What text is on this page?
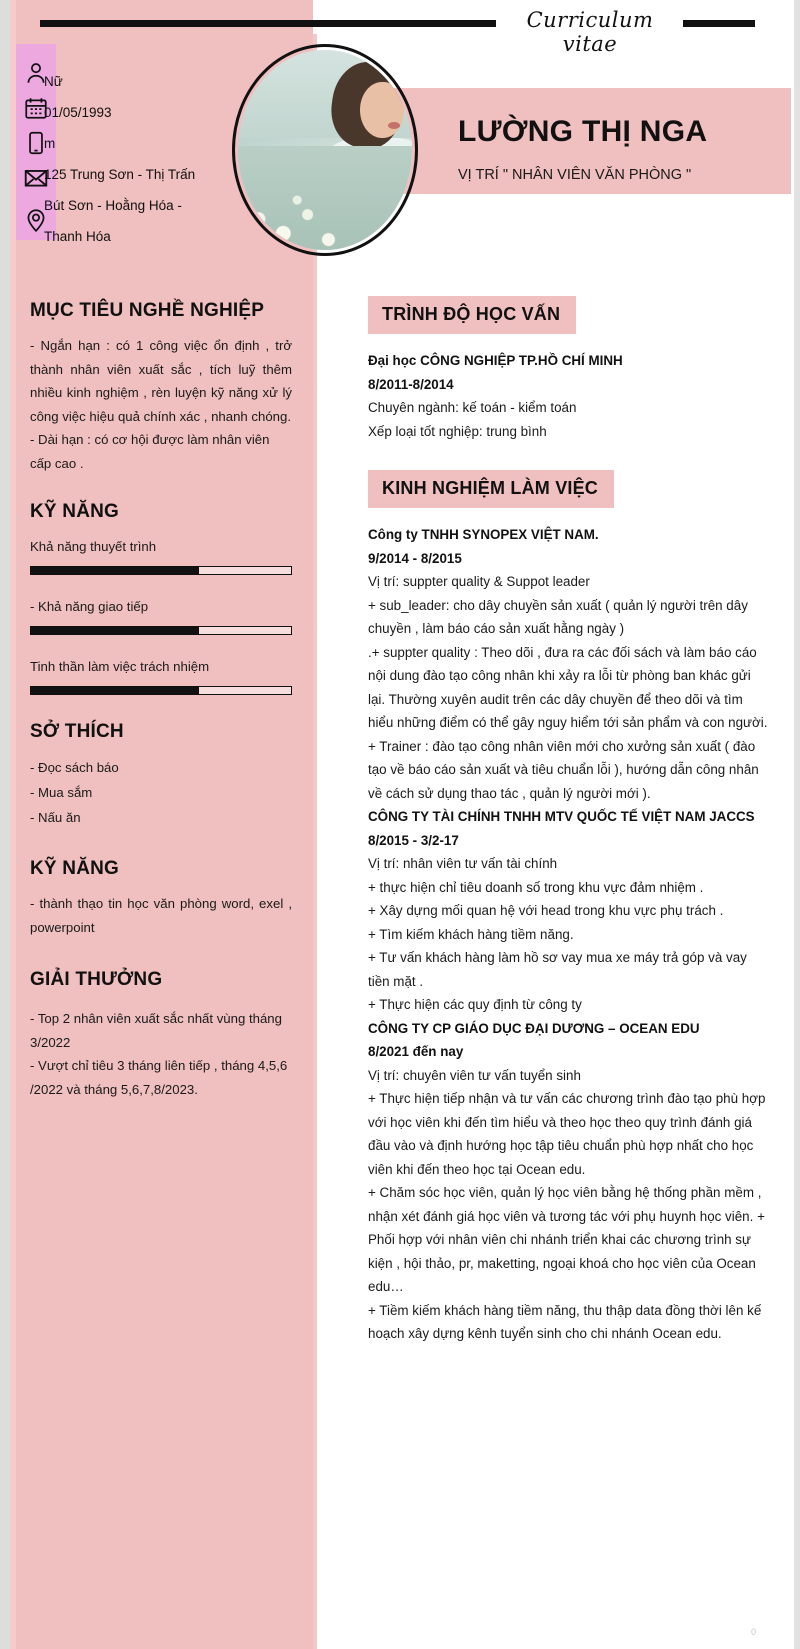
Curriculum vitae
LƯỜNG THỊ NGA
VỊ TRÍ " NHÂN VIÊN VĂN PHÒNG "
Nữ
01/05/1993
m
125 Trung Sơn - Thị Trấn
Bút Sơn - Hoằng Hóa -
Thanh Hóa
MỤC TIÊU NGHỀ NGHIỆP
- Ngắn hạn : có 1 công việc ổn định , trở thành nhân viên xuất sắc , tích luỹ thêm nhiều kinh nghiệm , rèn luyện kỹ năng xử lý công việc hiệu quả chính xác , nhanh chóng.
- Dài hạn : có cơ hội được làm nhân viên cấp cao .
KỸ NĂNG
Khả năng thuyết trình
- Khả năng giao tiếp
Tinh thần làm việc trách nhiệm
SỞ THÍCH
- Đọc sách báo
- Mua sắm
- Nấu ăn
KỸ NĂNG
- thành thạo tin học văn phòng word, exel , powerpoint
GIẢI THƯỞNG
- Top 2 nhân viên xuất sắc nhất vùng tháng 3/2022
- Vượt chỉ tiêu 3 tháng liên tiếp , tháng 4,5,6 /2022 và tháng 5,6,7,8/2023.
TRÌNH ĐỘ HỌC VẤN
Đại học CÔNG NGHIỆP TP.HỒ CHÍ MINH
8/2011-8/2014
Chuyên ngành: kế toán - kiểm toán
Xếp loại tốt nghiệp: trung bình
KINH NGHIỆM LÀM VIỆC
Công ty TNHH SYNOPEX VIỆT NAM.
9/2014 - 8/2015
Vị trí: suppter quality & Suppot leader
+ sub_leader: cho dây chuyền sản xuất ( quản lý người trên dây chuyền , làm báo cáo sản xuất hằng ngày )
.+ suppter quality : Theo dõi , đưa ra các đối sách và làm báo cáo nội dung đào tạo công nhân khi xảy ra lỗi từ phòng ban khác gửi lại. Thường xuyên audit trên các dây chuyền để theo dõi và tìm hiểu những điểm có thể gây nguy hiểm tới sản phẩm và con người.
+ Trainer : đào tạo công nhân viên mới cho xưởng sản xuất ( đào tạo về báo cáo sản xuất và tiêu chuẩn lỗi ), hướng dẫn công nhân về cách sử dụng thao tác , quản lý người mới ).
CÔNG TY TÀI CHÍNH TNHH MTV QUỐC TẾ VIỆT NAM JACCS
8/2015 - 3/2-17
Vị trí: nhân viên tư vấn tài chính
+ thực hiện chỉ tiêu doanh số trong khu vực đảm nhiệm .
+ Xây dựng mối quan hệ với head trong khu vực phụ trách .
+ Tìm kiếm khách hàng tiềm năng.
+ Tư vấn khách hàng làm hồ sơ vay mua xe máy trả góp và vay tiền mặt .
+ Thực hiện các quy định từ công ty
CÔNG TY CP GIÁO DỤC ĐẠI DƯƠNG – OCEAN EDU
8/2021 đến nay
Vị trí: chuyên viên tư vấn tuyển sinh
+ Thực hiện tiếp nhận và tư vấn các chương trình đào tạo phù hợp với học viên khi đến tìm hiểu và theo học theo quy trình đánh giá đầu vào và định hướng học tập tiêu chuẩn phù hợp nhất cho học viên khi đến theo học tại Ocean edu.
+ Chăm sóc học viên, quản lý học viên bằng hệ thống phần mềm , nhận xét đánh giá học viên và tương tác với phụ huynh học viên. + Phối hợp với nhân viên chi nhánh triển khai các chương trình sự kiện , hội thảo, pr, maketting, ngoại khoá cho học viên của Ocean edu…
+ Tiềm kiếm khách hàng tiềm năng, thu thập data đồng thời lên kế hoạch xây dựng kênh tuyển sinh cho chi nhánh Ocean edu.
0
